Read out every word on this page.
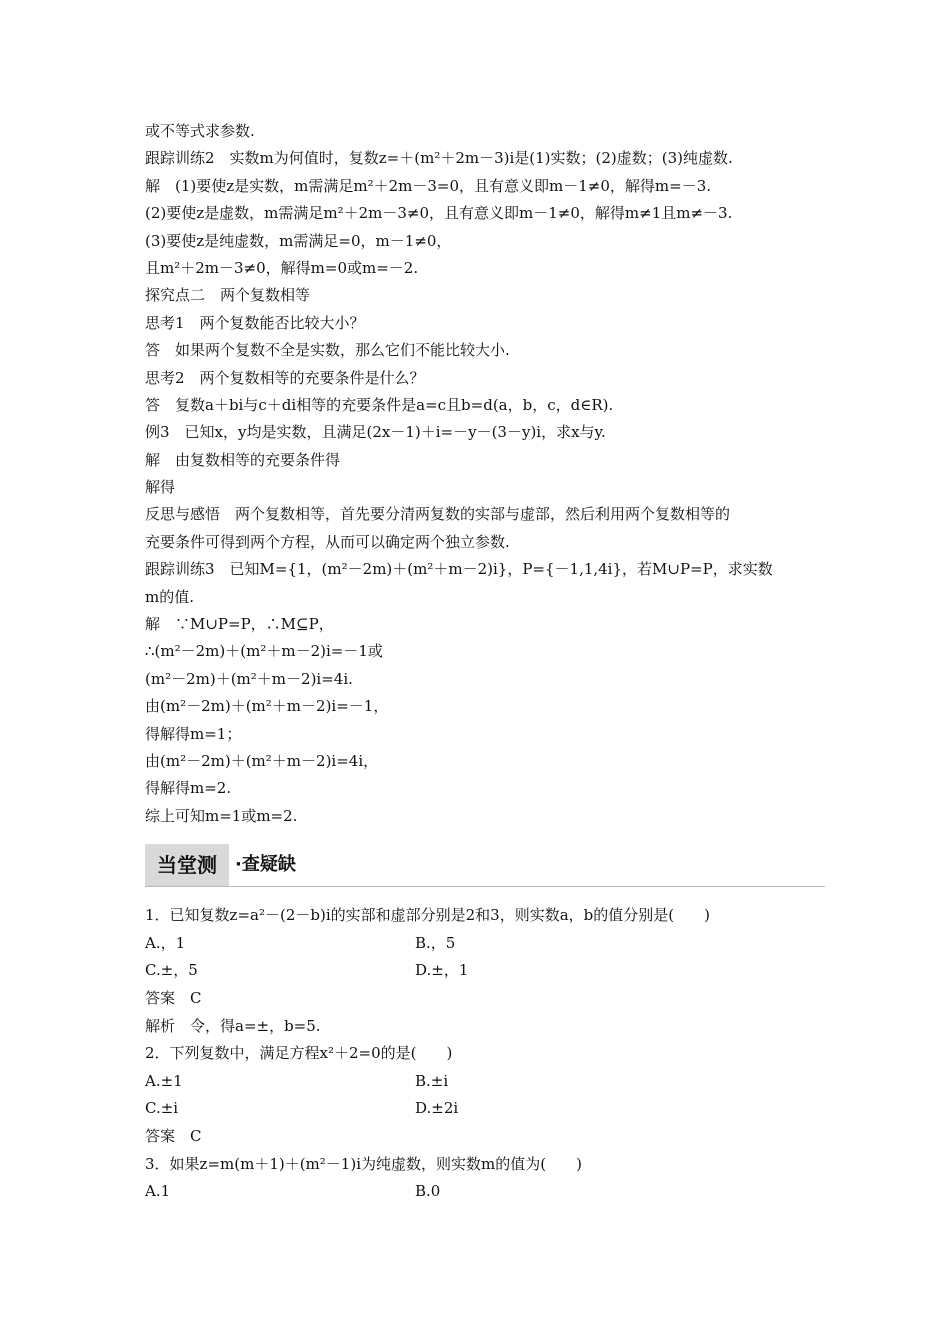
或不等式求参数.
跟踪训练2　实数m为何值时，复数z=＋(m²＋2m－3)i是(1)实数；(2)虚数；(3)纯虚数.
解　(1)要使z是实数，m需满足m²＋2m－3=0，且有意义即m－1≠0，解得m=－3.
(2)要使z是虚数，m需满足m²＋2m－3≠0，且有意义即m－1≠0，解得m≠1且m≠－3.
(3)要使z是纯虚数，m需满足=0，m－1≠0，
且m²＋2m－3≠0，解得m=0或m=－2.
探究点二　两个复数相等
思考1　两个复数能否比较大小？
答　如果两个复数不全是实数，那么它们不能比较大小.
思考2　两个复数相等的充要条件是什么？
答　复数a＋bi与c＋di相等的充要条件是a=c且b=d(a，b，c，d∈R).
例3　已知x，y均是实数，且满足(2x－1)＋i=－y－(3－y)i，求x与y.
解　由复数相等的充要条件得
解得
反思与感悟　两个复数相等，首先要分清两复数的实部与虚部，然后利用两个复数相等的
充要条件可得到两个方程，从而可以确定两个独立参数.
跟踪训练3　已知M={1，(m²－2m)＋(m²＋m－2)i}，P={－1,1,4i}，若M∪P=P，求实数
m的值.
解　∵M∪P=P，∴M⊆P，
∴(m²－2m)＋(m²＋m－2)i=－1或
(m²－2m)＋(m²＋m－2)i=4i.
由(m²－2m)＋(m²＋m－2)i=－1，
得解得m=1；
由(m²－2m)＋(m²＋m－2)i=4i，
得解得m=2.
综上可知m=1或m=2.
当堂测	·查疑缺
1．已知复数z=a²－(2－b)i的实部和虚部分别是2和3，则实数a，b的值分别是(　　)
A.，1	B.，5
C.±，5	D.±，1
答案　C
解析　令，得a=±，b=5.
2．下列复数中，满足方程x²＋2=0的是(　　)
A.±1	B.±i
C.±i	D.±2i
答案　C
3．如果z=m(m＋1)＋(m²－1)i为纯虚数，则实数m的值为(　　)
A.1	B.0
